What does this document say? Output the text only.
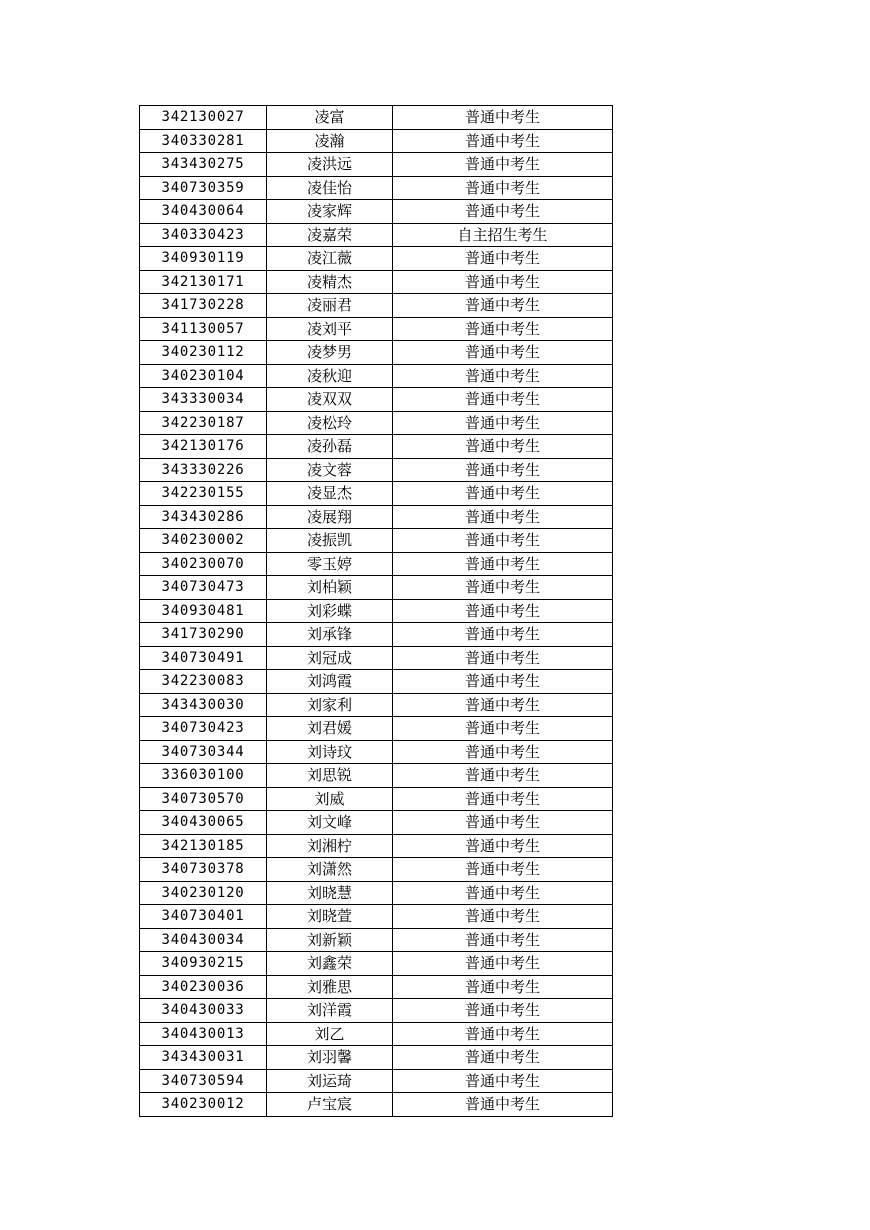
342130027	凌富	普通中考生
340330281	凌瀚	普通中考生
343430275	凌洪远	普通中考生
340730359	凌佳怡	普通中考生
340430064	凌家辉	普通中考生
340330423	凌嘉荣	自主招生考生
340930119	凌江薇	普通中考生
342130171	凌精杰	普通中考生
341730228	凌丽君	普通中考生
341130057	凌刘平	普通中考生
340230112	凌梦男	普通中考生
340230104	凌秋迎	普通中考生
343330034	凌双双	普通中考生
342230187	凌松玲	普通中考生
342130176	凌孙磊	普通中考生
343330226	凌文蓉	普通中考生
342230155	凌显杰	普通中考生
343430286	凌展翔	普通中考生
340230002	凌振凯	普通中考生
340230070	零玉婷	普通中考生
340730473	刘柏颖	普通中考生
340930481	刘彩蝶	普通中考生
341730290	刘承锋	普通中考生
340730491	刘冠成	普通中考生
342230083	刘鸿霞	普通中考生
343430030	刘家利	普通中考生
340730423	刘君媛	普通中考生
340730344	刘诗玟	普通中考生
336030100	刘思锐	普通中考生
340730570	刘威	普通中考生
340430065	刘文峰	普通中考生
342130185	刘湘柠	普通中考生
340730378	刘潇然	普通中考生
340230120	刘晓慧	普通中考生
340730401	刘晓萱	普通中考生
340430034	刘新颖	普通中考生
340930215	刘鑫荣	普通中考生
340230036	刘雅思	普通中考生
340430033	刘洋霞	普通中考生
340430013	刘乙	普通中考生
343430031	刘羽馨	普通中考生
340730594	刘运琦	普通中考生
340230012	卢宝宸	普通中考生
